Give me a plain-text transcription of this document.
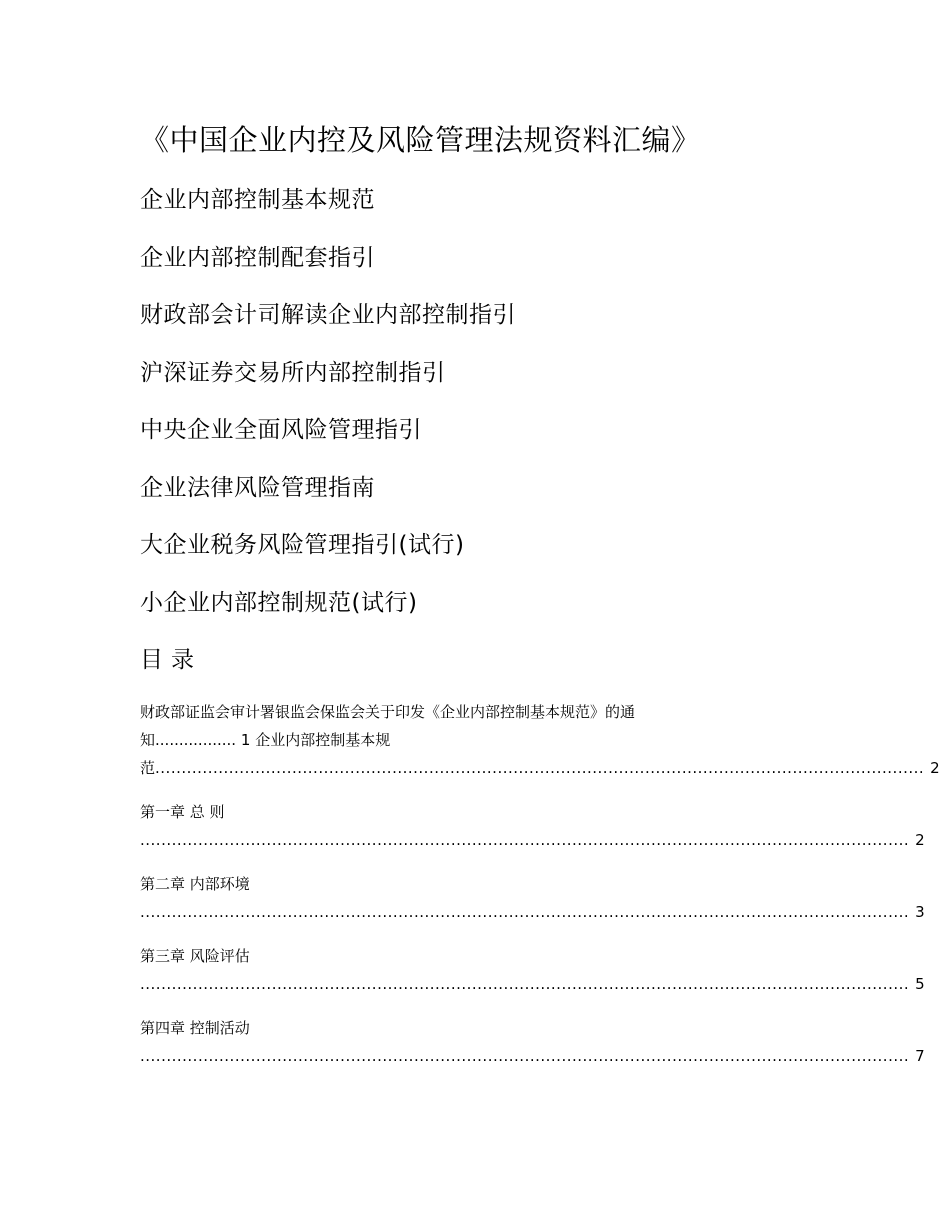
《中国企业内控及风险管理法规资料汇编》
企业内部控制基本规范
企业内部控制配套指引
财政部会计司解读企业内部控制指引
沪深证券交易所内部控制指引
中央企业全面风险管理指引
企业法律风险管理指南
大企业税务风险管理指引(试行)
小企业内部控制规范(试行)
目录
财政部证监会审计署银监会保监会关于印发《企业内部控制基本规范》的通
知................. 1 企业内部控制基本规
范 .................................................................................................................................................. 2
第一章 总 则
.................................................................................................................................................. 2
第二章 内部环境
.................................................................................................................................................. 3
第三章 风险评估
.................................................................................................................................................. 5
第四章 控制活动
.................................................................................................................................................. 7
